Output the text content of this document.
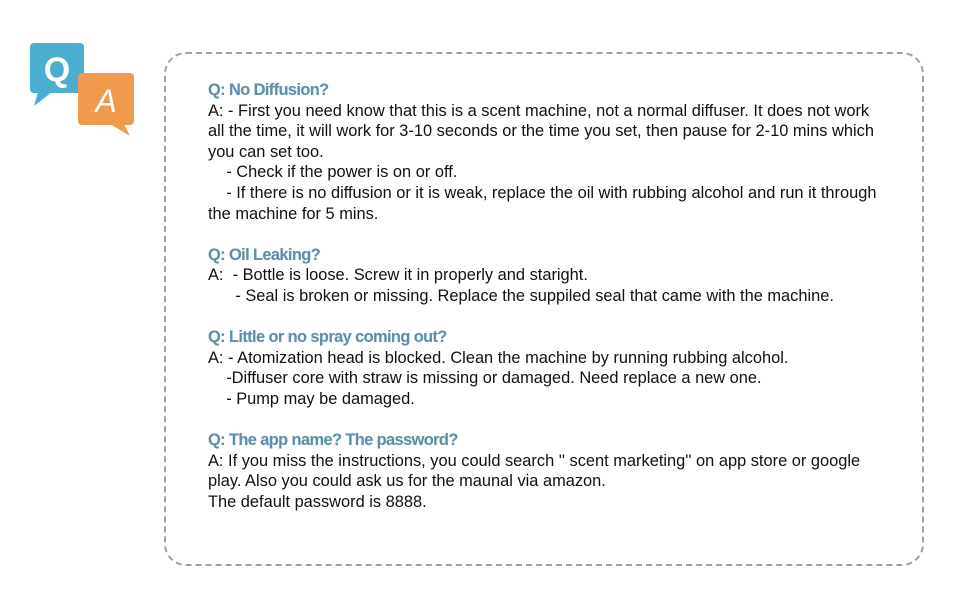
Q
A	Q: No Diffusion?
A: - First you need know that this is a scent machine, not a normal diffuser. It does not work all the time, it will work for 3-10 seconds or the time you set, then pause for 2-10 mins which you can set too.
- Check if the power is on or off.
- If there is no diffusion or it is weak, replace the oil with rubbing alcohol and run it through the machine for 5 mins.
Q: Oil Leaking?
A:  - Bottle is loose. Screw it in properly and staright.
- Seal is broken or missing. Replace the suppiled seal that came with the machine.
Q: Little or no spray coming out?
A: - Atomization head is blocked. Clean the machine by running rubbing alcohol.
-Diffuser core with straw is missing or damaged. Need replace a new one.
- Pump may be damaged.
Q: The app name? The password?
A: If you miss the instructions, you could search '' scent marketing'' on app store or google play. Also you could ask us for the maunal via amazon.
The default password is 8888.
